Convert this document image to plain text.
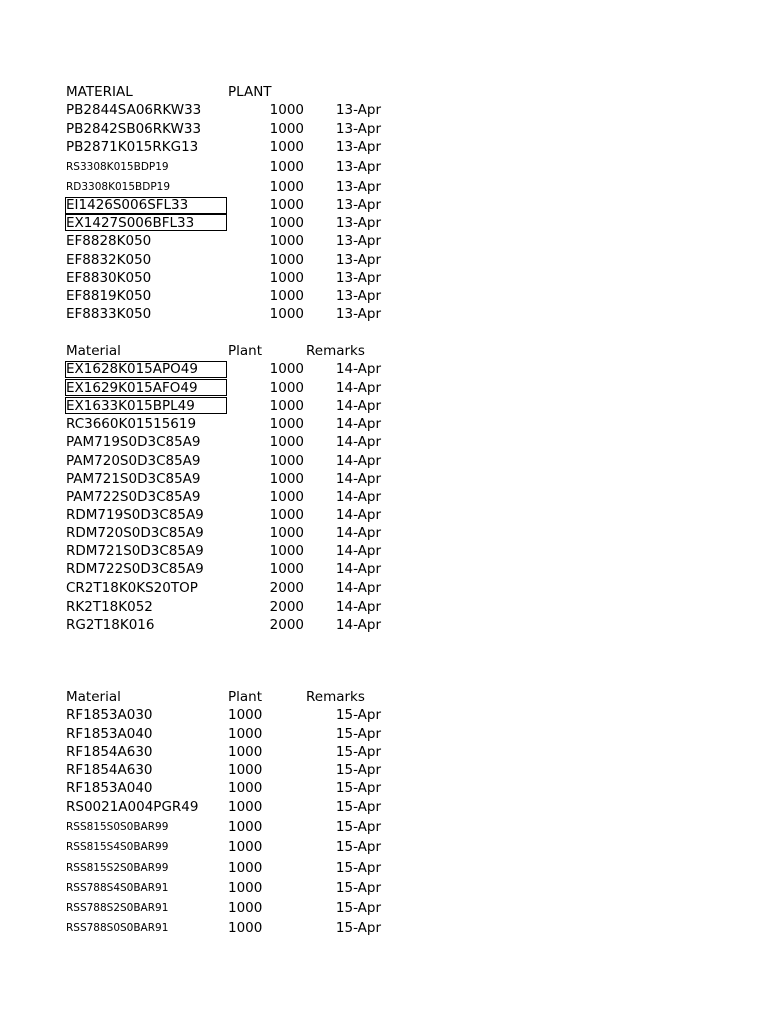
MATERIAL	PLANT
PB2844SA06RKW33	1000	13-Apr
PB2842SB06RKW33	1000	13-Apr
PB2871K015RKG13	1000	13-Apr
RS3308K015BDP19	1000	13-Apr
RD3308K015BDP19	1000	13-Apr
EI1426S006SFL33	1000	13-Apr
EX1427S006BFL33	1000	13-Apr
EF8828K050	1000	13-Apr
EF8832K050	1000	13-Apr
EF8830K050	1000	13-Apr
EF8819K050	1000	13-Apr
EF8833K050	1000	13-Apr
Material	Plant	Remarks
EX1628K015APO49	1000	14-Apr
EX1629K015AFO49	1000	14-Apr
EX1633K015BPL49	1000	14-Apr
RC3660K01515619	1000	14-Apr
PAM719S0D3C85A9	1000	14-Apr
PAM720S0D3C85A9	1000	14-Apr
PAM721S0D3C85A9	1000	14-Apr
PAM722S0D3C85A9	1000	14-Apr
RDM719S0D3C85A9	1000	14-Apr
RDM720S0D3C85A9	1000	14-Apr
RDM721S0D3C85A9	1000	14-Apr
RDM722S0D3C85A9	1000	14-Apr
CR2T18K0KS20TOP	2000	14-Apr
RK2T18K052	2000	14-Apr
RG2T18K016	2000	14-Apr
Material	Plant	Remarks
RF1853A030	1000	15-Apr
RF1853A040	1000	15-Apr
RF1854A630	1000	15-Apr
RF1854A630	1000	15-Apr
RF1853A040	1000	15-Apr
RS0021A004PGR49 1000	15-Apr
RSS815S0S0BAR99	1000	15-Apr
RSS815S4S0BAR99	1000	15-Apr
RSS815S2S0BAR99	1000	15-Apr
RSS788S4S0BAR91	1000	15-Apr
RSS788S2S0BAR91	1000	15-Apr
RSS788S0S0BAR91	1000	15-Apr
